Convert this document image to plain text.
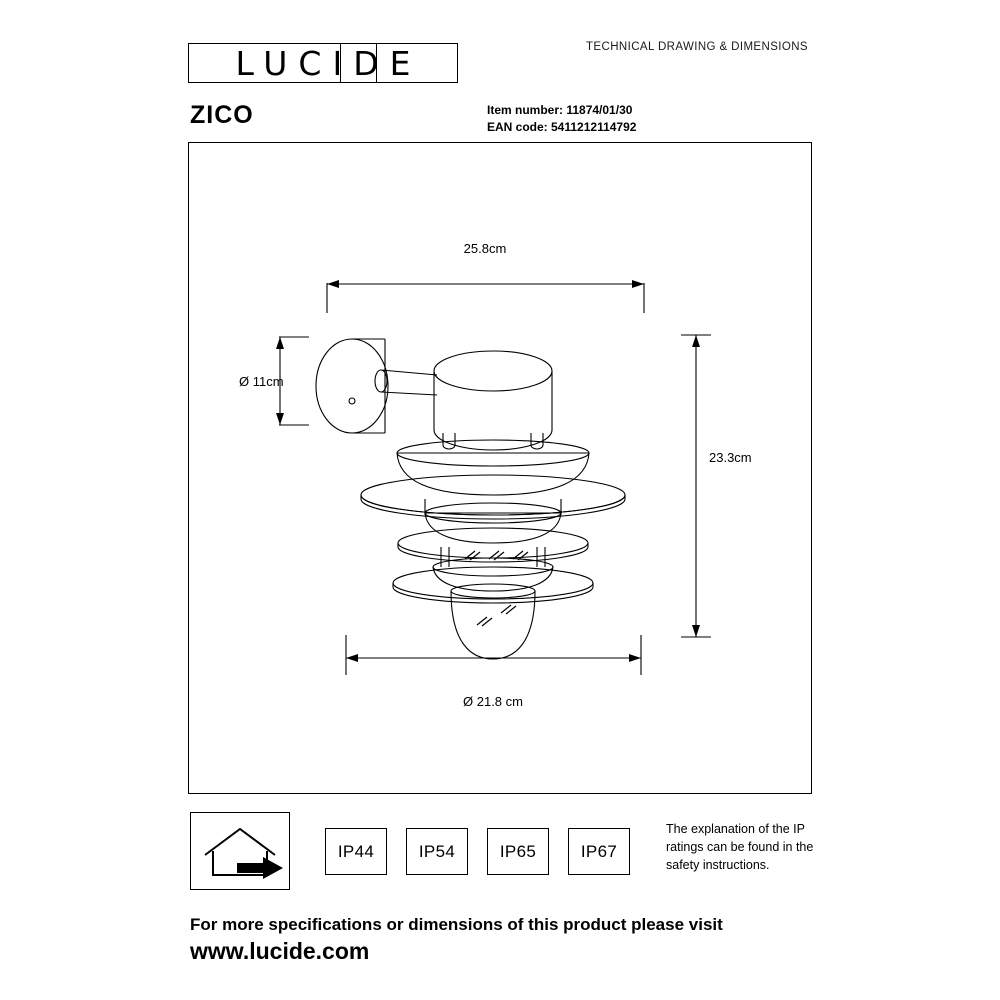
LUCIDE	TECHNICAL DRAWING & DIMENSIONS
ZICO	Item number: 11874/01/30
EAN code: 5411212114792
25.8cm
Ø 11cm
23.3cm
Ø 21.8 cm
IP44	IP54	IP65	IP67
The explanation of the IP ratings can be found in the safety instructions.
For more specifications or dimensions of this product please visit
www.lucide.com
